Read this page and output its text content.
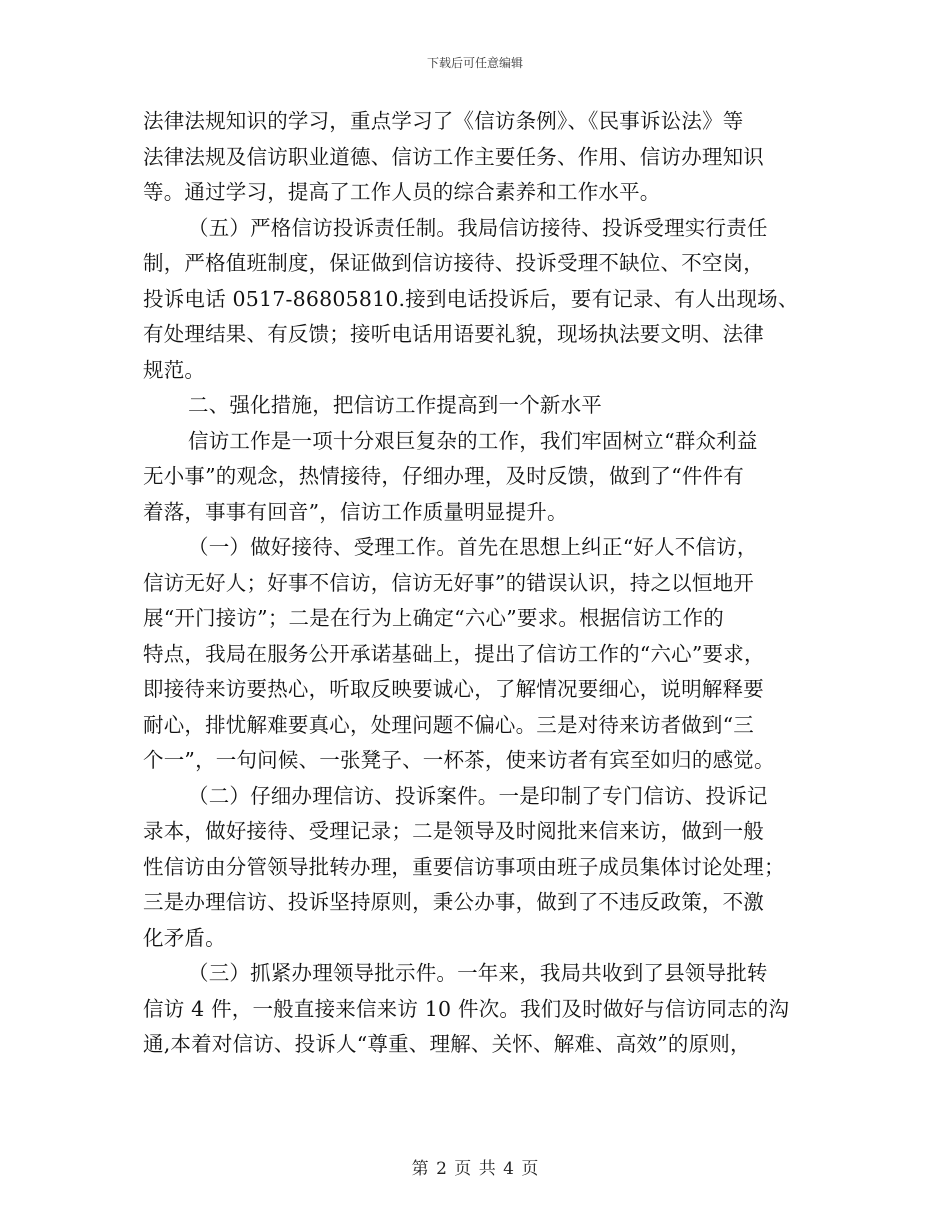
下载后可任意编辑
法律法规知识的学习，重点学习了《信访条例》、《民事诉讼法》等
法律法规及信访职业道德、信访工作主要任务、作用、信访办理知识
等。通过学习，提高了工作人员的综合素养和工作水平。
（五）严格信访投诉责任制。我局信访接待、投诉受理实行责任
制，严格值班制度，保证做到信访接待、投诉受理不缺位、不空岗，
投诉电话 0517-86805810.接到电话投诉后，要有记录、有人出现场、
有处理结果、有反馈；接听电话用语要礼貌，现场执法要文明、法律
规范。
二、强化措施，把信访工作提高到一个新水平
信访工作是一项十分艰巨复杂的工作，我们牢固树立“群众利益
无小事”的观念，热情接待，仔细办理，及时反馈，做到了“件件有
着落，事事有回音”，信访工作质量明显提升。
（一）做好接待、受理工作。首先在思想上纠正“好人不信访，
信访无好人；好事不信访，信访无好事”的错误认识，持之以恒地开
展“开门接访”；二是在行为上确定“六心”要求。根据信访工作的
特点，我局在服务公开承诺基础上，提出了信访工作的“六心”要求，
即接待来访要热心，听取反映要诚心，了解情况要细心，说明解释要
耐心，排忧解难要真心，处理问题不偏心。三是对待来访者做到“三
个一”，一句问候、一张凳子、一杯茶，使来访者有宾至如归的感觉。
（二）仔细办理信访、投诉案件。一是印制了专门信访、投诉记
录本，做好接待、受理记录；二是领导及时阅批来信来访，做到一般
性信访由分管领导批转办理，重要信访事项由班子成员集体讨论处理；
三是办理信访、投诉坚持原则，秉公办事，做到了不违反政策，不激
化矛盾。
（三）抓紧办理领导批示件。一年来，我局共收到了县领导批转
信访 4 件，一般直接来信来访 10 件次。我们及时做好与信访同志的沟
通,本着对信访、投诉人“尊重、理解、关怀、解难、高效”的原则，
第 2 页 共 4 页
